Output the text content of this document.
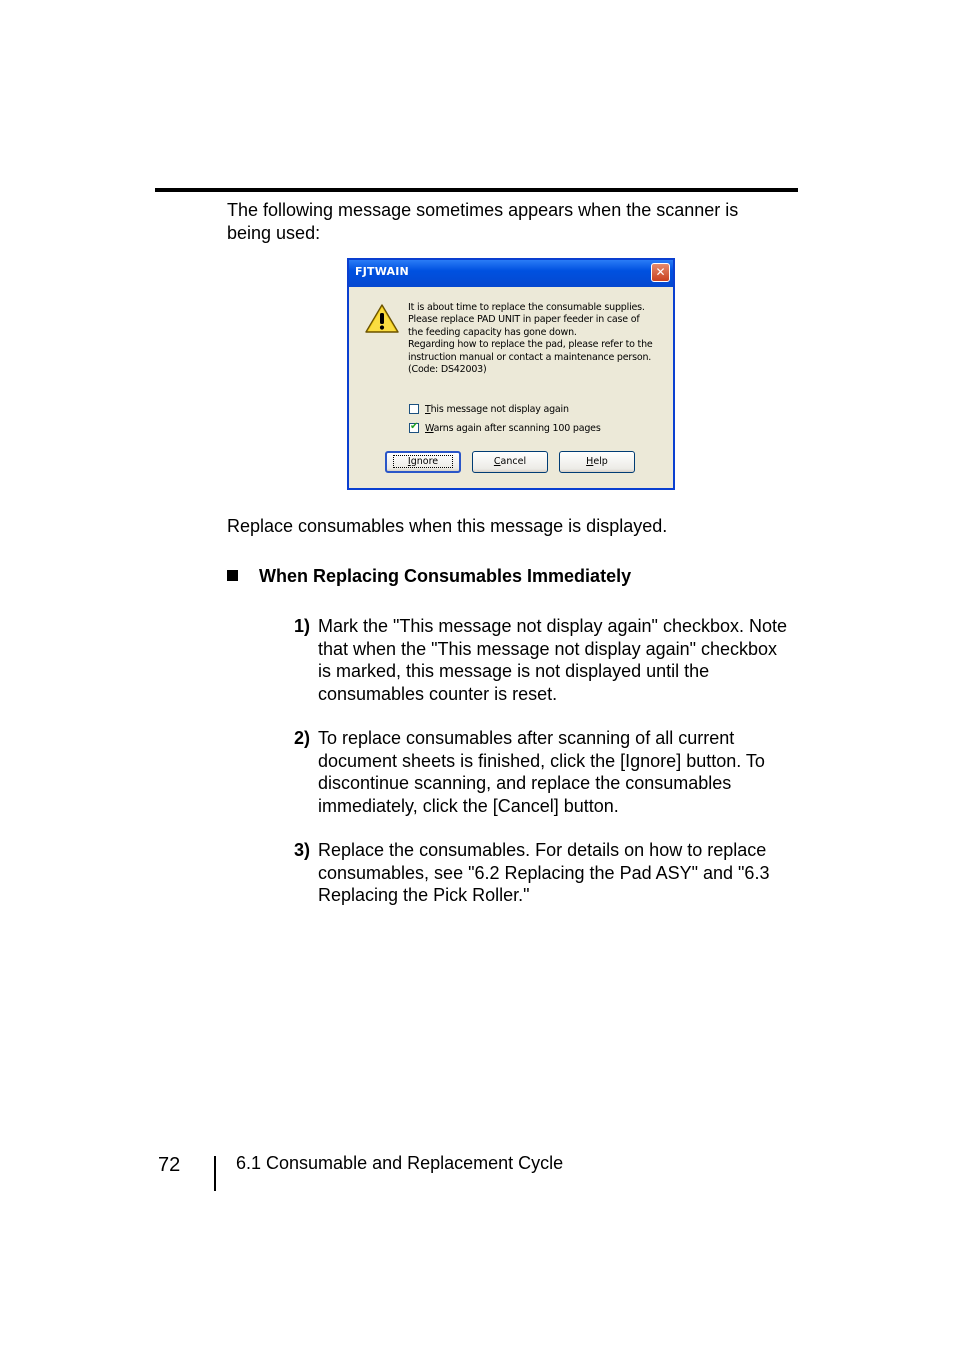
The following message sometimes appears when the scanner is being used:
FJTWAIN	✕
It is about time to replace the consumable supplies.
Please replace PAD UNIT in paper feeder in case of
the feeding capacity has gone down.
Regarding how to replace the pad, please refer to the
instruction manual or contact a maintenance person.
(Code: DS42003)
This message not display again
✔ Warns again after scanning 100 pages
Ignore	Cancel	Help
Replace consumables when this message is displayed.
When Replacing Consumables Immediately
1) Mark the "This message not display again" checkbox. Note that when the "This message not display again" checkbox is marked, this message is not displayed until the consumables counter is reset.
2) To replace consumables after scanning of all current document sheets is finished, click the [Ignore] button. To discontinue scanning, and replace the consumables immediately, click the [Cancel] button.
3) Replace the consumables. For details on how to replace consumables, see "6.2 Replacing the Pad ASY" and "6.3 Replacing the Pick Roller."
72	6.1 Consumable and Replacement Cycle
